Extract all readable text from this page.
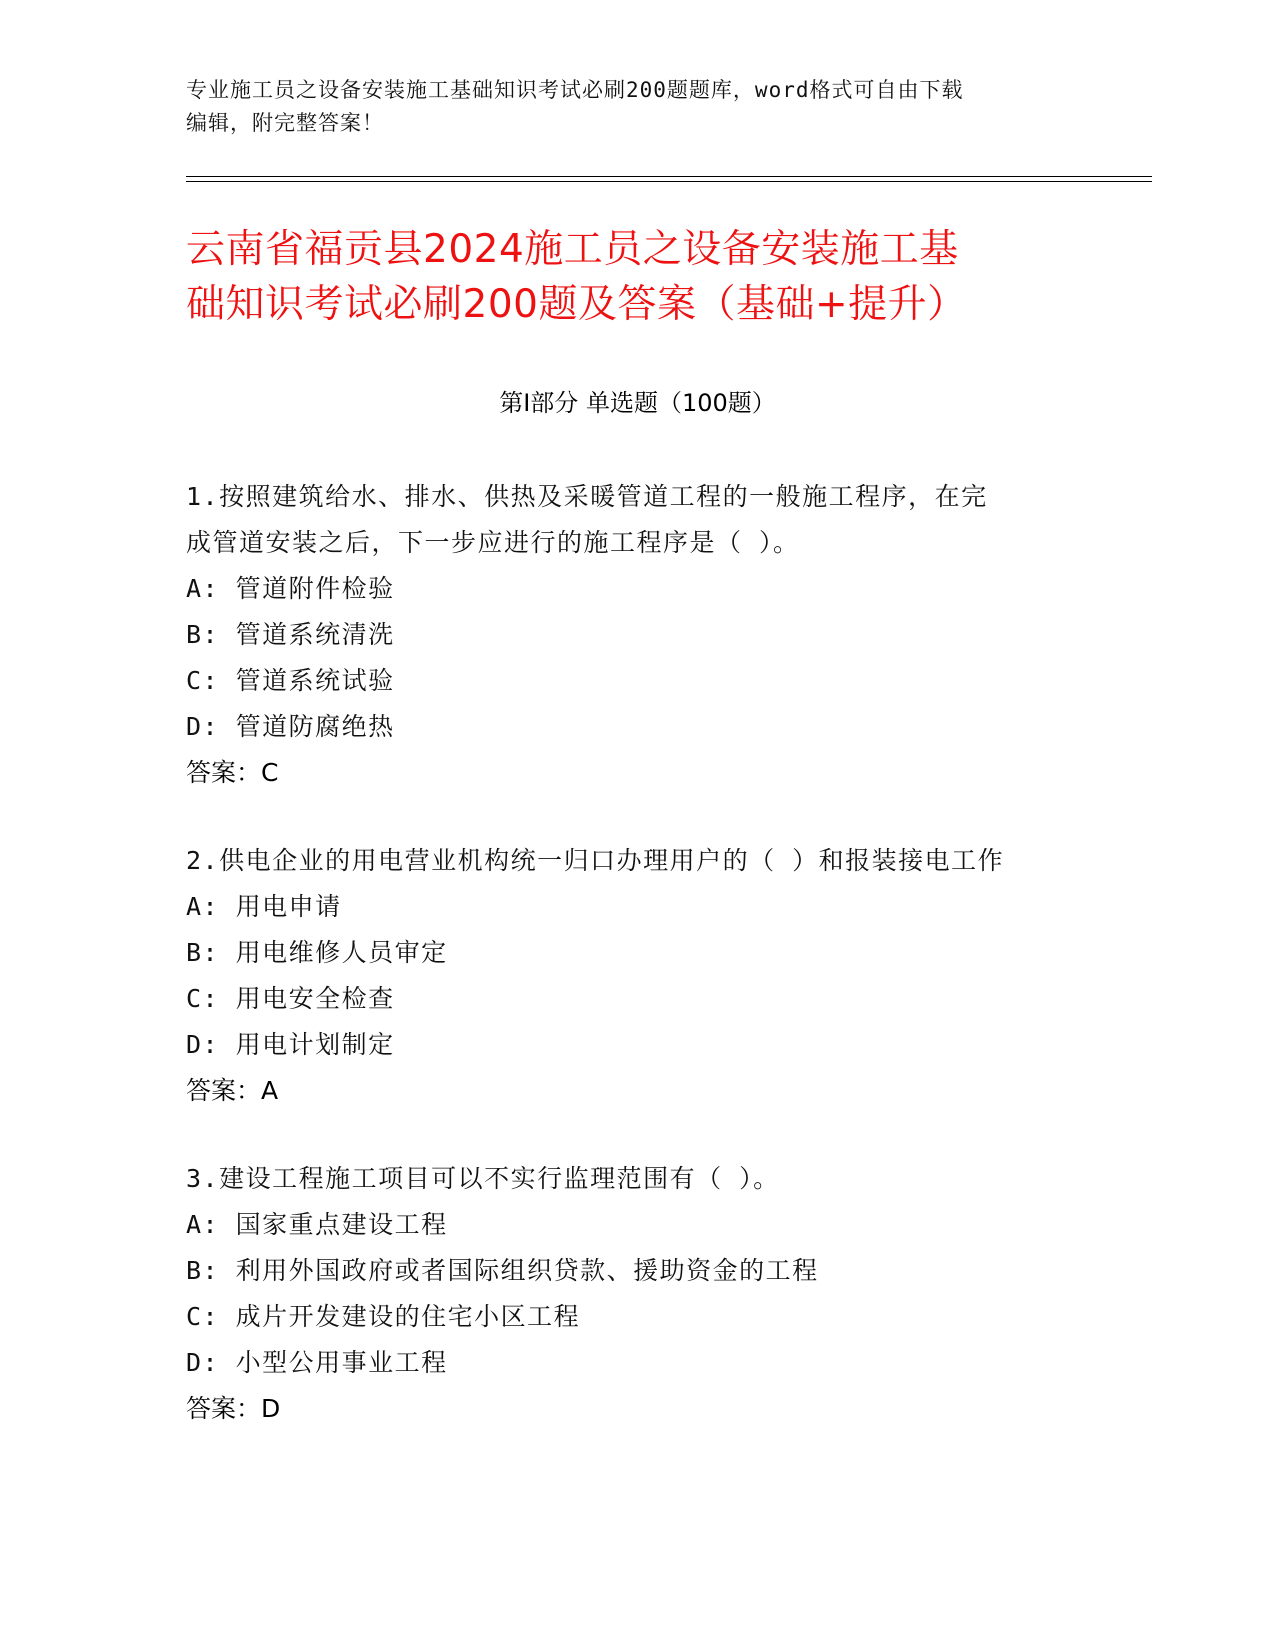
专业施工员之设备安装施工基础知识考试必刷200题题库，word格式可自由下载
编辑，附完整答案！
云南省福贡县2024施工员之设备安装施工基
础知识考试必刷200题及答案（基础+提升）
第Ⅰ部分 单选题（100题）
1.按照建筑给水、排水、供热及采暖管道工程的一般施工程序，在完
成管道安装之后，下一步应进行的施工程序是（ ）。
A: 管道附件检验
B: 管道系统清洗
C: 管道系统试验
D: 管道防腐绝热
答案：C
2.供电企业的用电营业机构统一归口办理用户的（ ）和报装接电工作
A: 用电申请
B: 用电维修人员审定
C: 用电安全检查
D: 用电计划制定
答案：A
3.建设工程施工项目可以不实行监理范围有（ ）。
A: 国家重点建设工程
B: 利用外国政府或者国际组织贷款、援助资金的工程
C: 成片开发建设的住宅小区工程
D: 小型公用事业工程
答案：D
